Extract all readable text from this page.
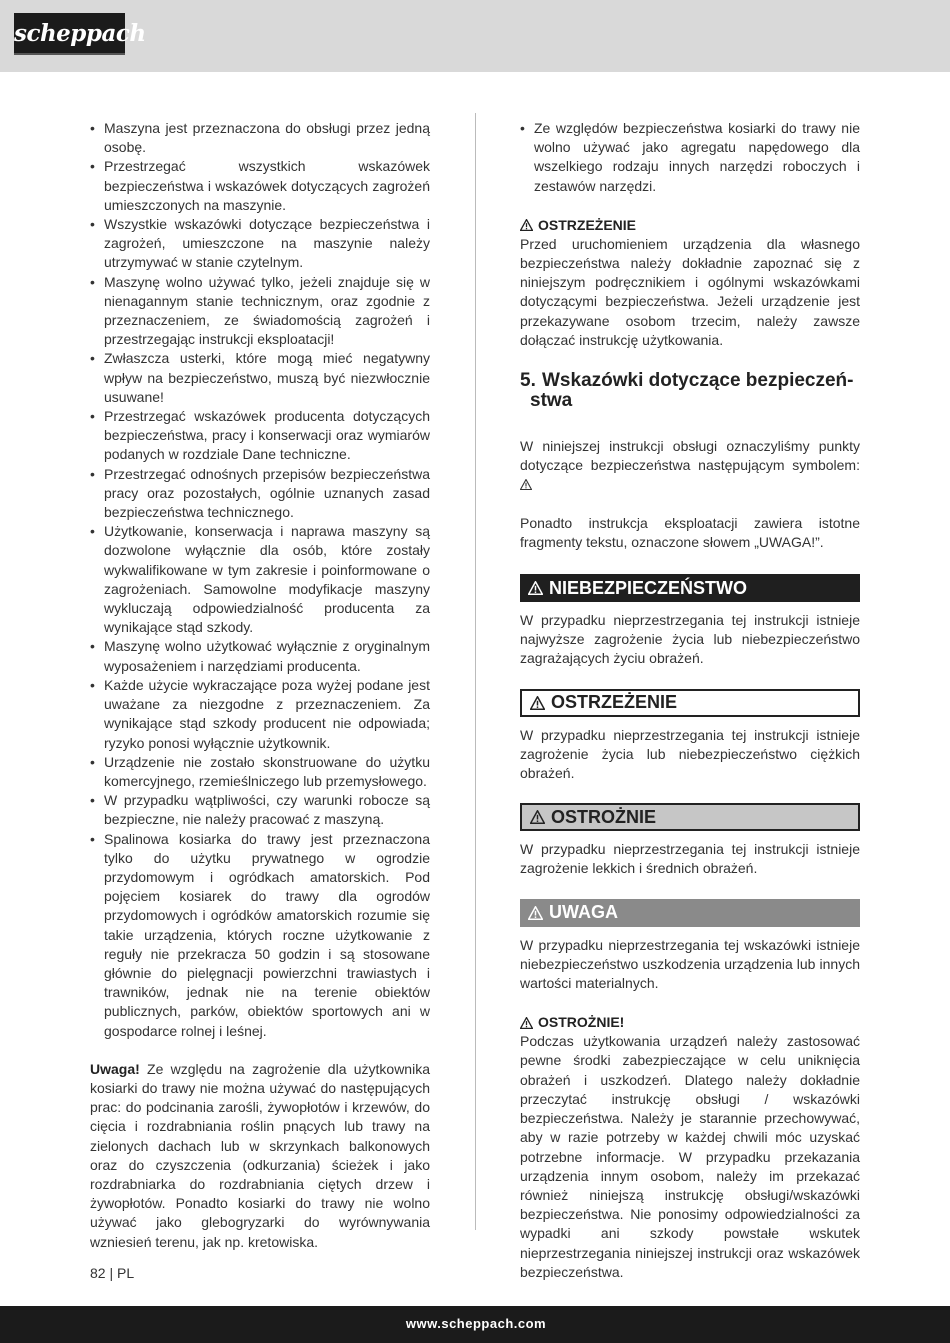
scheppach
• Maszyna jest przeznaczona do obsługi przez jedną osobę.
• Przestrzegać wszystkich wskazówek bezpieczeństwa i wskazówek dotyczących zagrożeń umieszczonych na maszynie.
• Wszystkie wskazówki dotyczące bezpieczeństwa i zagrożeń, umieszczone na maszynie należy utrzymywać w stanie czytelnym.
• Maszynę wolno używać tylko, jeżeli znajduje się w nienagannym stanie technicznym, oraz zgodnie z przeznaczeniem, ze świadomością zagrożeń i przestrzegając instrukcji eksploatacji!
• Zwłaszcza usterki, które mogą mieć negatywny wpływ na bezpieczeństwo, muszą być niezwłocznie usuwane!
• Przestrzegać wskazówek producenta dotyczących bezpieczeństwa, pracy i konserwacji oraz wymiarów podanych w rozdziale Dane techniczne.
• Przestrzegać odnośnych przepisów bezpieczeństwa pracy oraz pozostałych, ogólnie uznanych zasad bezpieczeństwa technicznego.
• Użytkowanie, konserwacja i naprawa maszyny są dozwolone wyłącznie dla osób, które zostały wykwalifikowane w tym zakresie i poinformowane o zagrożeniach. Samowolne modyfikacje maszyny wykluczają odpowiedzialność producenta za wynikające stąd szkody.
• Maszynę wolno użytkować wyłącznie z oryginalnym wyposażeniem i narzędziami producenta.
• Każde użycie wykraczające poza wyżej podane jest uważane za niezgodne z przeznaczeniem. Za wynikające stąd szkody producent nie odpowiada; ryzyko ponosi wyłącznie użytkownik.
• Urządzenie nie zostało skonstruowane do użytku komercyjnego, rzemieślniczego lub przemysłowego.
• W przypadku wątpliwości, czy warunki robocze są bezpieczne, nie należy pracować z maszyną.
• Spalinowa kosiarka do trawy jest przeznaczona tylko do użytku prywatnego w ogrodzie przydomowym i ogródkach amatorskich. Pod pojęciem kosiarek do trawy dla ogrodów przydomowych i ogródków amatorskich rozumie się takie urządzenia, których roczne użytkowanie z reguły nie przekracza 50 godzin i są stosowane głównie do pielęgnacji powierzchni trawiastych i trawników, jednak nie na terenie obiektów publicznych, parków, obiektów sportowych ani w gospodarce rolnej i leśnej.

Uwaga! Ze względu na zagrożenie dla użytkownika kosiarki do trawy nie można używać do następujących prac: do podcinania zarośli, żywopłotów i krzewów, do cięcia i rozdrabniania roślin pnących lub trawy na zielonych dachach lub w skrzynkach balkonowych oraz do czyszczenia (odkurzania) ścieżek i jako rozdrabniarka do rozdrabniania ciętych drzew i żywopłotów. Ponadto kosiarki do trawy nie wolno używać jako glebogryzarki do wyrównywania wzniesień terenu, jak np. kretowiska.

• Ze względów bezpieczeństwa kosiarki do trawy nie wolno używać jako agregatu napędowego dla wszelkiego rodzaju innych narzędzi roboczych i zestawów narzędzi.
OSTRZEŻENIE

Przed uruchomieniem urządzenia dla własnego bezpieczeństwa należy dokładnie zapoznać się z niniejszym podręcznikiem i ogólnymi wskazówkami dotyczącymi bezpieczeństwa. Jeżeli urządzenie jest przekazywane osobom trzecim, należy zawsze dołączać instrukcję użytkowania.

5. Wskazówki dotyczące bezpieczeń-
stwa

W niniejszej instrukcji obsługi oznaczyliśmy punkty dotyczące bezpieczeństwa następującym symbolem:

Ponadto instrukcja eksploatacji zawiera istotne fragmenty tekstu, oznaczone słowem „UWAGA!”.

NIEBEZPIECZEŃSTWO

W przypadku nieprzestrzegania tej instrukcji istnieje najwyższe zagrożenie życia lub niebezpieczeństwo zagrażających życiu obrażeń.

OSTRZEŻENIE

W przypadku nieprzestrzegania tej instrukcji istnieje zagrożenie życia lub niebezpieczeństwo ciężkich obrażeń.

OSTROŻNIE

W przypadku nieprzestrzegania tej instrukcji istnieje zagrożenie lekkich i średnich obrażeń.

UWAGA

W przypadku nieprzestrzegania tej wskazówki istnieje niebezpieczeństwo uszkodzenia urządzenia lub innych wartości materialnych.

OSTROŻNIE!

Podczas użytkowania urządzeń należy zastosować pewne środki zabezpieczające w celu uniknięcia obrażeń i uszkodzeń. Dlatego należy dokładnie przeczytać instrukcję obsługi / wskazówki bezpieczeństwa. Należy je starannie przechowywać, aby w razie potrzeby w każdej chwili móc uzyskać potrzebne informacje. W przypadku przekazania urządzenia innym osobom, należy im przekazać również niniejszą instrukcję obsługi/wskazówki bezpieczeństwa. Nie ponosimy odpowiedzialności za wypadki ani szkody powstałe wskutek nieprzestrzegania niniejszej instrukcji oraz wskazówek bezpieczeństwa.

82 | PL
www.scheppach.com
